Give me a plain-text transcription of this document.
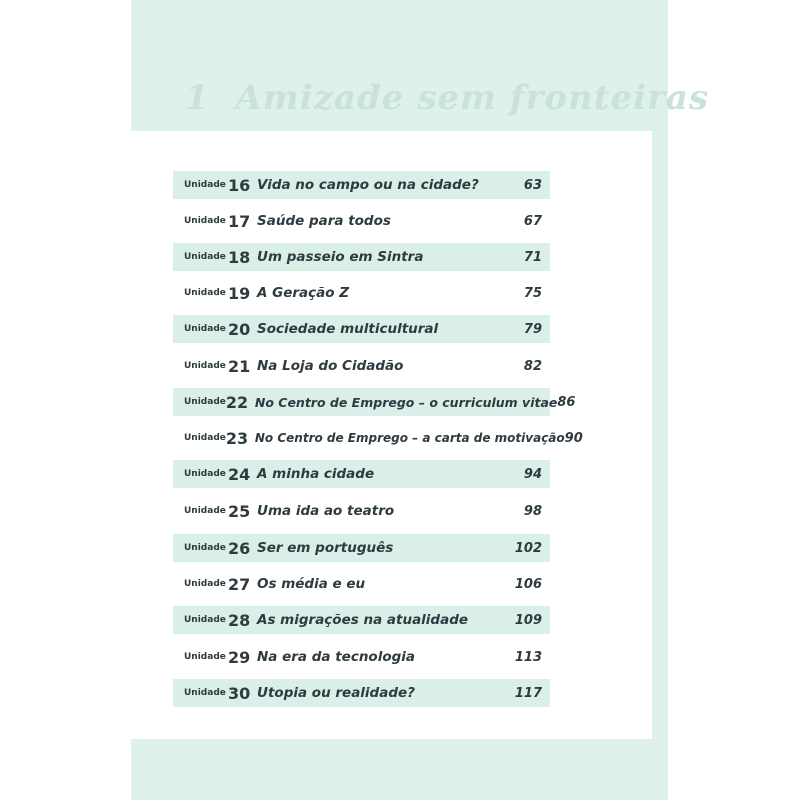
1 Amizade sem fronteiras
Unidade 16 Vida no campo ou na cidade?	63
Unidade 17 Saúde para todos	67
Unidade 18 Um passeio em Sintra	71
Unidade 19 A Geração Z	75
Unidade 20 Sociedade multicultural	79
Unidade 21 Na Loja do Cidadão	82
Unidade 22 No Centro de Emprego – o curriculum vitae 86
Unidade 23 No Centro de Emprego – a carta de motivação 90
Unidade 24 A minha cidade	94
Unidade 25 Uma ida ao teatro	98
Unidade 26 Ser em português	102
Unidade 27 Os média e eu	106
Unidade 28 As migrações na atualidade	109
Unidade 29 Na era da tecnologia	113
Unidade 30 Utopia ou realidade?	117
